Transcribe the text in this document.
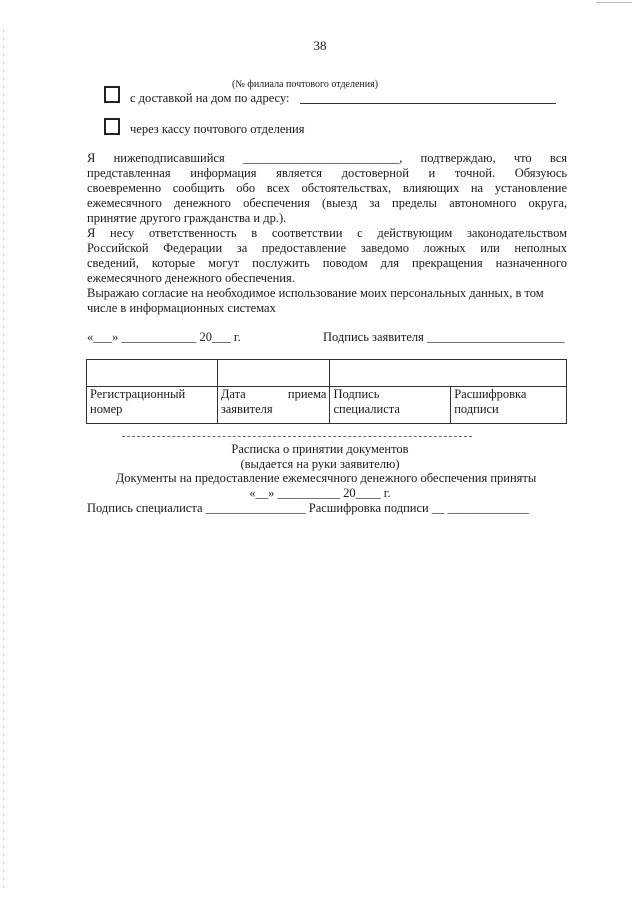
38
(№ филиала почтового отделения)
с доставкой на дом по адресу:
через кассу почтового отделения
Я нижеподписавшийся _________________________, подтверждаю, что вся
представленная информация является достоверной и точной. Обязуюсь
своевременно сообщить обо всех обстоятельствах, влияющих на установление
ежемесячного денежного обеспечения (выезд за пределы автономного округа,
принятие другого гражданства и др.).
Я несу ответственность в соответствии с действующим законодательством
Российской Федерации за предоставление заведомо ложных или неполных
сведений, которые могут послужить поводом для прекращения назначенного
ежемесячного денежного обеспечения.
Выражаю согласие на необходимое использование моих персональных данных, в том числе в информационных системах
«___» ____________ 20___ г.	Подпись заявителя ______________________

Регистрационный номер	Дата приема заявителя	Подпись специалиста	Расшифровка подписи
Расписка о принятии документов
(выдается на руки заявителю)
Документы на предоставление ежемесячного денежного обеспечения приняты
«__» __________ 20____ г.
Подпись специалиста ________________ Расшифровка подписи __ _____________
